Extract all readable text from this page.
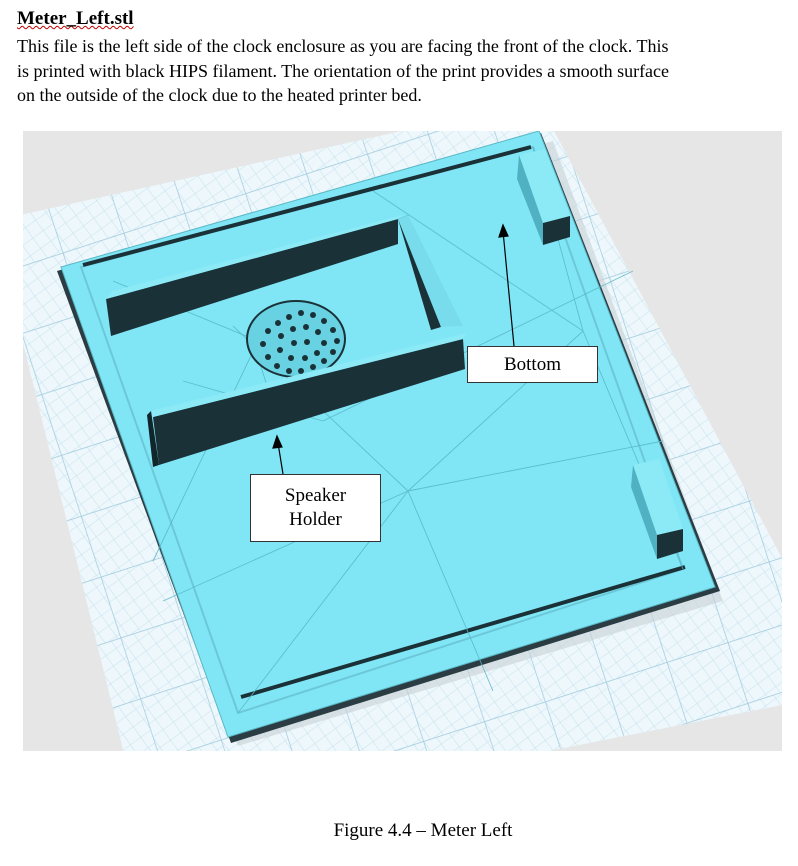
Meter_Left.stl
This file is the left side of the clock enclosure as you are facing the front of the clock. This
is printed with black HIPS filament. The orientation of the print provides a smooth surface
on the outside of the clock due to the heated printer bed.
Bottom
Speaker
Holder
Figure 4.4 – Meter Left
